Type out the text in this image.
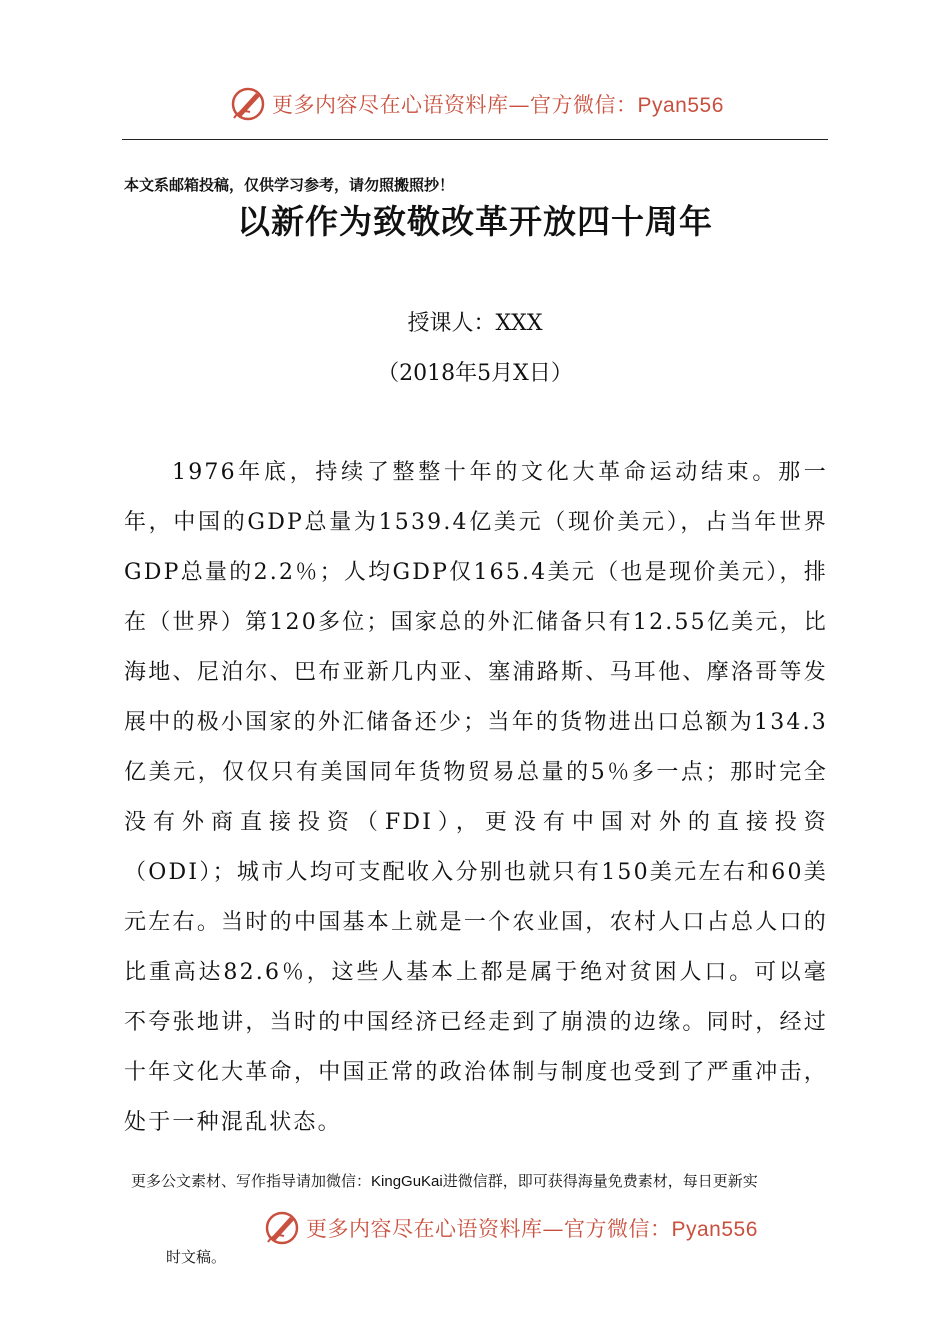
更多内容尽在心语资料库—官方微信：Pyan556
本文系邮箱投稿，仅供学习参考，请勿照搬照抄！
以新作为致敬改革开放四十周年
授课人：XXX
（2018年5月X日）

1976年底，持续了整整十年的文化大革命运动结束。那一年，中国的GDP总量为1539.4亿美元（现价美元），占当年世界GDP总量的2.2％；人均GDP仅165.4美元（也是现价美元），排在（世界）第120多位；国家总的外汇储备只有12.55亿美元，比海地、尼泊尔、巴布亚新几内亚、塞浦路斯、马耳他、摩洛哥等发展中的极小国家的外汇储备还少；当年的货物进出口总额为134.3亿美元，仅仅只有美国同年货物贸易总量的5％多一点；那时完全没有外商直接投资（FDI），更没有中国对外的直接投资（ODI）；城市人均可支配收入分别也就只有150美元左右和60美元左右。当时的中国基本上就是一个农业国，农村人口占总人口的比重高达82.6％，这些人基本上都是属于绝对贫困人口。可以毫不夸张地讲，当时的中国经济已经走到了崩溃的边缘。同时，经过十年文化大革命，中国正常的政治体制与制度也受到了严重冲击，处于一种混乱状态。

更多公文素材、写作指导请加微信：KingGuKai进微信群，即可获得海量免费素材，每日更新实
更多内容尽在心语资料库—官方微信：Pyan556
时文稿。
